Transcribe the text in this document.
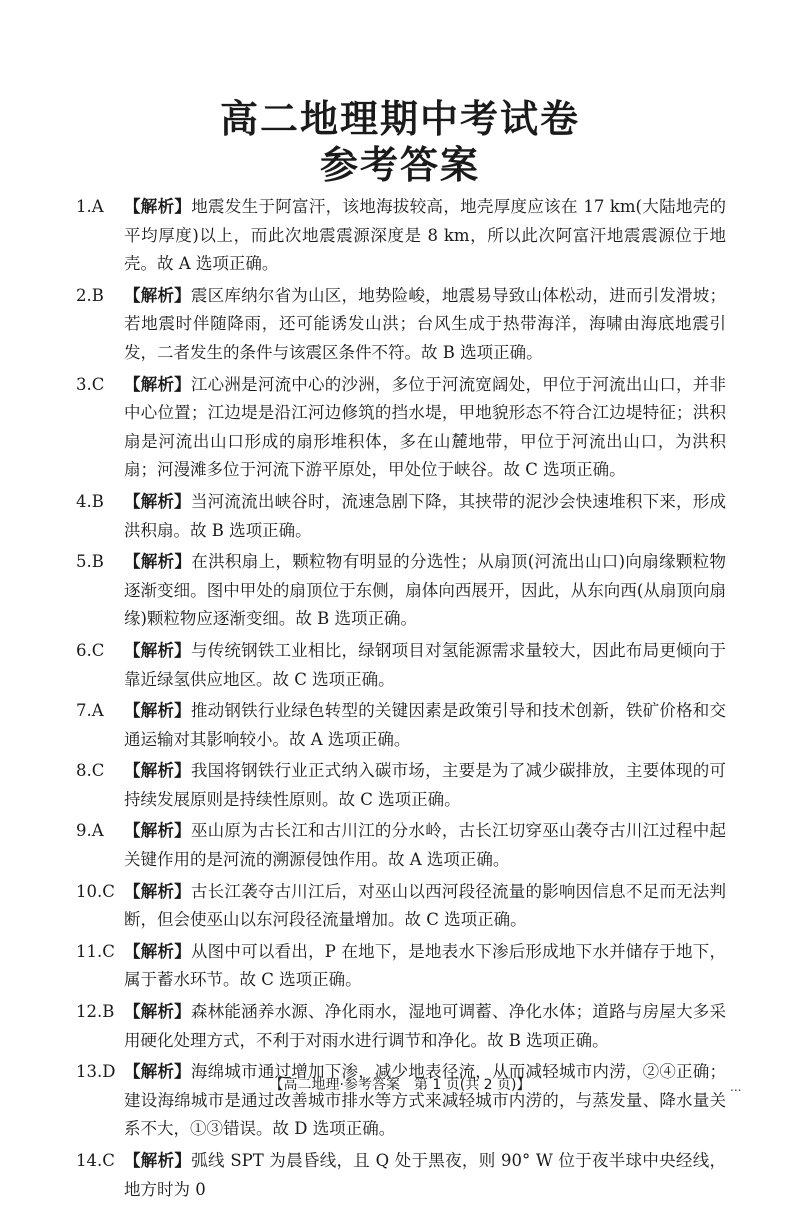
高二地理期中考试卷
参考答案
1.A	【解析】地震发生于阿富汗，该地海拔较高，地壳厚度应该在 17 km(大陆地壳的平均厚度)以上，而此次地震震源深度是 8 km，所以此次阿富汗地震震源位于地壳。故 A 选项正确。
2.B	【解析】震区库纳尔省为山区，地势险峻，地震易导致山体松动，进而引发滑坡；若地震时伴随降雨，还可能诱发山洪；台风生成于热带海洋，海啸由海底地震引发，二者发生的条件与该震区条件不符。故 B 选项正确。
3.C	【解析】江心洲是河流中心的沙洲，多位于河流宽阔处，甲位于河流出山口，并非中心位置；江边堤是沿江河边修筑的挡水堤，甲地貌形态不符合江边堤特征；洪积扇是河流出山口形成的扇形堆积体，多在山麓地带，甲位于河流出山口，为洪积扇；河漫滩多位于河流下游平原处，甲处位于峡谷。故 C 选项正确。
4.B	【解析】当河流流出峡谷时，流速急剧下降，其挟带的泥沙会快速堆积下来，形成洪积扇。故 B 选项正确。
5.B	【解析】在洪积扇上，颗粒物有明显的分选性；从扇顶(河流出山口)向扇缘颗粒物逐渐变细。图中甲处的扇顶位于东侧，扇体向西展开，因此，从东向西(从扇顶向扇缘)颗粒物应逐渐变细。故 B 选项正确。
6.C	【解析】与传统钢铁工业相比，绿钢项目对氢能源需求量较大，因此布局更倾向于靠近绿氢供应地区。故 C 选项正确。
7.A	【解析】推动钢铁行业绿色转型的关键因素是政策引导和技术创新，铁矿价格和交通运输对其影响较小。故 A 选项正确。
8.C	【解析】我国将钢铁行业正式纳入碳市场，主要是为了减少碳排放，主要体现的可持续发展原则是持续性原则。故 C 选项正确。
9.A	【解析】巫山原为古长江和古川江的分水岭，古长江切穿巫山袭夺古川江过程中起关键作用的是河流的溯源侵蚀作用。故 A 选项正确。
10.C 【解析】古长江袭夺古川江后，对巫山以西河段径流量的影响因信息不足而无法判断，但会使巫山以东河段径流量增加。故 C 选项正确。
11.C 【解析】从图中可以看出，P 在地下，是地表水下渗后形成地下水并储存于地下，属于蓄水环节。故 C 选项正确。
12.B 【解析】森林能涵养水源、净化雨水，湿地可调蓄、净化水体；道路与房屋大多采用硬化处理方式，不利于对雨水进行调节和净化。故 B 选项正确。
13.D 【解析】海绵城市通过增加下渗，减少地表径流，从而减轻城市内涝，②④正确；建设海绵城市是通过改善城市排水等方式来减轻城市内涝的，与蒸发量、降水量关系不大，①③错误。故 D 选项正确。
14.C 【解析】弧线 SPT 为晨昏线，且 Q 处于黑夜，则 90° W 位于夜半球中央经线，地方时为 0
【高二地理·参考答案　第 1 页(共 2 页)】	...
